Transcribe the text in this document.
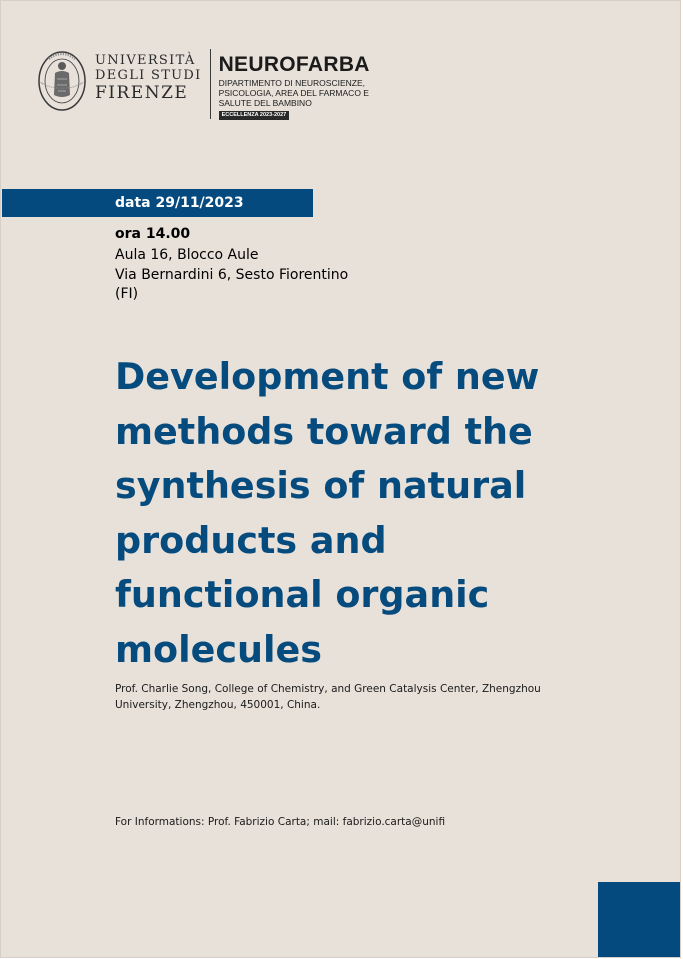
UNIVERSITÀ
DEGLI STUDI
FIRENZE
NEUROFARBA
DIPARTIMENTO DI NEUROSCIENZE,
PSICOLOGIA, AREA DEL FARMACO E
SALUTE DEL BAMBINO
ECCELLENZA 2023-2027
data 29/11/2023
ora 14.00
Aula 16, Blocco Aule
Via Bernardini 6, Sesto Fiorentino
(FI)
Development of new
methods toward the
synthesis of natural
products and
functional organic
molecules
Prof. Charlie Song, College of Chemistry, and Green Catalysis Center, Zhengzhou
University, Zhengzhou, 450001, China.
For Informations: Prof. Fabrizio Carta; mail: fabrizio.carta@unifi
